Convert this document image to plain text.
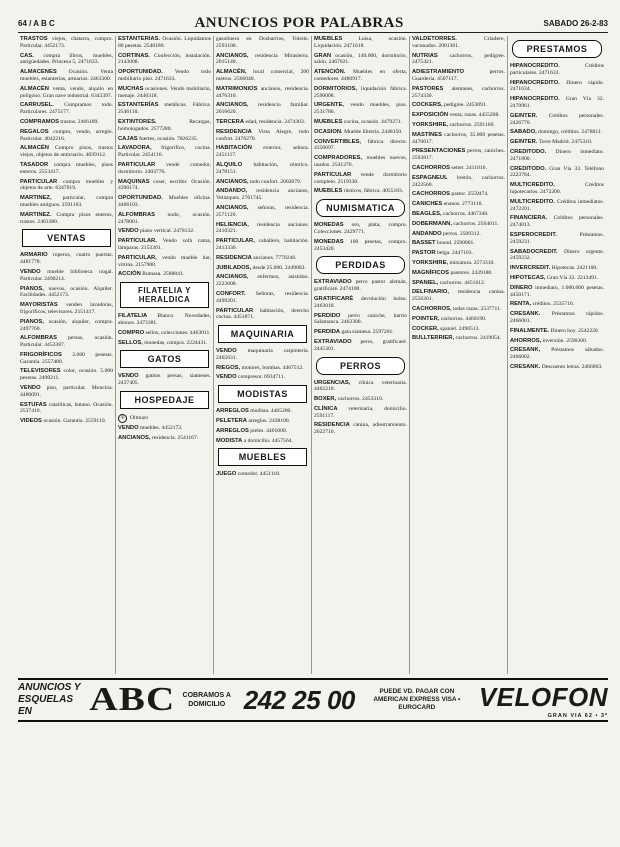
64 / A B C	ANUNCIOS POR PALABRAS	SABADO 26-2-83

TRASTOS viejos, chatarra, compro. Particular. 4452173.

CAS. compra libros, muebles, antigüedades. Princesa 5, 2471633.

ALMACENES Ocasión. Venta muebles, estanterías, armarios. 2463300.

ALMACÉN venta, vendo, alquilo en polígono. Gran nave industrial. 6343397.

CARRUSEL. Compramos todo. Particulares. 2475177.

COMPRAMOS trastos. 2466189.

REGALOS compro, vendo, arreglo. Particular. 4042216.

ALMACÉN Compro pisos, trastos viejos, objetos de anticuario. 4039112.

TASADOR compra muebles, pisos enteros. 2553417.

PARTICULAR compra muebles y objetos de arte. 6347019.

MARTINEZ, particular, compra muebles antiguos. 2591163.

MARTINEZ. Compra pisos enteros, trastos. 2463380.

VENTAS

ARMARIO roperos, cuatro puertas. 4481778.

VENDO mueble biblioteca nogal. Particular. 2490214.

PIANOS, nuevos, ocasión. Alquiler. Facilidades. 4452173.

MAYORISTAS venden lavadoras, frigoríficos, televisores. 2151417.

PIANOS, ocasión, alquiler, compra. 2497760.

ALFOMBRAS persas, ocasión. Particular. 4453387.

FRIGORÍFICOS 2.000 pesetas. Garantía. 2557480.

TELEVISORES color, ocasión. 5.000 pesetas. 2490211.

VENDO piso, particular. Moncloa. 4480091.

ESTUFAS catalíticas, butano. Ocasión. 2537410.

VIDEOS ocasión. Garantía. 2559110.

ESTANTERÍAS. Ocasión. Liquidamos 80 pesetas. 2540180.

CORTINAS. Confección, instalación. 2143008.

OPORTUNIDAD. Vendo todo mobiliario piso. 2471633.

MUCHAS ocasiones. Vendo mobiliario, menaje. 2446318.

ESTANTERÍAS metálicas. Fábrica. 2546110.

EXTINTORES.	Recargas, homologados. 2577280.

CAJAS fuertes, ocasión. 7026235.

LAVADORA, frigorífico, cocina. Particular. 2454116.

PARTICULAR vende comedor, dormitorio. 2403776.

MAQUINAS coser, escribir. Ocasión. 4390174.

OPORTUNIDAD. Muebles oficina. 4466103.

ALFOMBRAS nudo, ocasión. 2478001.

VENDO piano vertical. 2478132.

PARTICULAR. Vendo sofá cama, lámparas. 2153301.

PARTICULAR, vendo mueble bar, vitrina. 2157900.

ACCIÓN Rumasa. 2588841.

FILATELIA Y HERALDICA

FILATELIA Blanco. Novedades, abonos. 2473381.

COMPRO sellos, colecciones. 4463011.

SELLOS, monedas, compra. 2224431.

GATOS

VENDO gatitos persas, siameses. 2437405.

HOSPEDAJE
® Olmuzo

VENDO muebles. 4452173.

ANCIANOS, residencia. 2541167.

gasolinera en Dosbarrios, Toledo. 2593100.

ANCIANOS, residencia Mirasierra. 2015140.

ALMACÉN, local comercial, 200 metros. 2566040.

MATRIMONIOS ancianos, residencia. 4476310.

ANCIANOS, residencia familiar. 2016620.

TERCERA edad, residencia. 2474303.

RESIDENCIA Vista Alegre, todo confort. 2476270.

HABITACIÓN exterior, señora. 2451117.

ALQUILO habitación, céntrico. 2478151.

ANCIANOS, todo confort. 2002879.

ANDANDO, residencia ancianos, Velázquez. 2761745.

ANCIANOS, señoras, residencia. 2571120.

HELIENCIA, residencia ancianos. 2410321.

PARTICULAR, caballero, habitación. 2413330.

RESIDENCIA ancianos. 7770246.

JUBILADOS, desde 25.000. 2449083.

ANCIANOS, enfermos, asistidos. 2223608.

CONFORT. Señoras, residencia. 4499201.

PARTICULAR habitación, derecho cocina. 4451871.

MAQUINARIA

VENDO maquinaria carpintería. 2465631.

RIEGOS, motores, bombas. 4467512.

VENDO compresor. 6934711.

MODISTAS

ARREGLOS modista. 4465200.

PELETERA arreglos. 2438100.

ARREGLOS pieles. 4461000.

MODISTA a domicilio. 4457564.

MUEBLES

JUEGO comedor. 4451118.

MUEBLES	Luisa, ocasión. Liquidación. 2471618.

GRAN ocasión, 140.000, dormitorio, salón. 2467021.

ATENCIÓN. Muebles en oferta, comedores. 4480917.

DORMITORIOS, liquidación fábrica. 2590008.

URGENTE, vendo muebles, piso. 2531780.

MUEBLES cocina, ocasión. 4479271.

OCASION. Mueble librería. 2448150.

CONVERTIBLES, fábrica directo. 4350097.

COMPRADORES, muebles nuevos, usados. 2541270.

PARTICULAR vende dormitorio completo. 2519330.

MUEBLES rústicos, fábrica. 4055183.

NUMISMATICA

MONEDAS oro, plata, compro. Colecciones. 2429771.

MONEDAS 100 pesetas, compro. 2453420.

PERDIDAS

EXTRAVIADO perro pastor alemán, gratificaré. 2474108.

GRATIFICARÉ devolución bolso. 2463018.

PERDIDO perro caniche, barrio Salamanca. 2462300.

PERDIDA gata siamesa. 2597201.

EXTRAVIADO perro, gratificaré. 2445301.

PERROS

URGENCIAS, clínica veterinaria. 4462218.

BOXER, cachorros. 2453310.

CLÍNICA veterinaria, domicilio. 2591117.

RESIDENCIA canina, adiestramiento. 2022710.

VALDETORRES.	Criadero, vacunados. 2001301.

NUTRIAS cachorros, pedigree. 2475421.

ADIESTRAMIENTO	perros. Guardería. 4507117.

PASTORES alemanes, cachorros. 2574330.

COCKERS, pedigree. 2453091.

EXPOSICIÓN venta, razas. 4455208.

YORKSHIRE, cachorros. 2591160.

MASTINES cachorros, 35.000 pesetas. 4470617.

PRESENTACIONES perros, caniches. 2593817.

CACHORROS setter. 2411016.

ESPAGNEUL bretón, cachorros. 2423560.

CACHORROS pastor. 2559474.

CANICHES enanos. 2773116.

BEAGLES, cachorros. 4467340.

DOBERMANN, cachorros. 2564011.

ANDANDO perros. 2509312.

BASSET hound. 2590001.

PASTOR belga. 2447103.

YORKSHIRE, miniatura. 2573310.

MAGNÍFICOS pastores. 2439180.

SPANIEL, cachorros. 4451612.

DELFINARIO, residencia canina. 2556201.

CACHORROS, todas razas. 2537711.

POINTER, cachorros. 4460190.

COCKER, spaniel. 2490513.

BULLTERRIER, cachorros. 2419054.

PRESTAMOS

HIPANOCREDITO.	Créditos particulares. 2471633.

HIPANOCREDITO. Dinero rápido. 2471634.

HIPANOCREDITO. Gran Vía 32. 2470961.

GEINTER. Créditos personales. 2426770.

SABADO, domingo, créditos. 2478811.

GEINTER. Torre Madrid. 2475310.

CREDITODO. Dinero inmediato. 2471800.

CREDITODO. Gran Vía 33. Teléfono 2223784.

MULTICREDITO.	Créditos hipotecarios. 2472200.

MULTICREDITO. Créditos inmediatos. 2472201.

FINANCIERA. Créditos personales. 2474013.

ESPEROCREDIT.	Préstamos. 2459231.

SABADOCREDIT. Dinero urgente. 2459232.

INVERCREDIT. Hipotecas. 2421100.

HIPOTECAS, Gran Vía 32. 2213491.

DINERO inmediato, 1.000.000 pesetas. 4450171.

RENTA, créditos. 2535710.

CRESANK. Préstamos rápidos. 2466001.

FINALMENTE. Dinero hoy. 2542220.

AHORROS, inversión. 2590300.

CRESANK, Préstamos sábados. 2466002.

CRESANK. Descuento letras. 2466003.

ANUNCIOS Y ESQUELAS EN	ABC	COBRAMOS A DOMICILIO 242 25 00	PUEDE VD. PAGAR CON AMERICAN EXPRESS VISA • EUROCARD	VELOFON
GRAN VIA 62 • 3º
